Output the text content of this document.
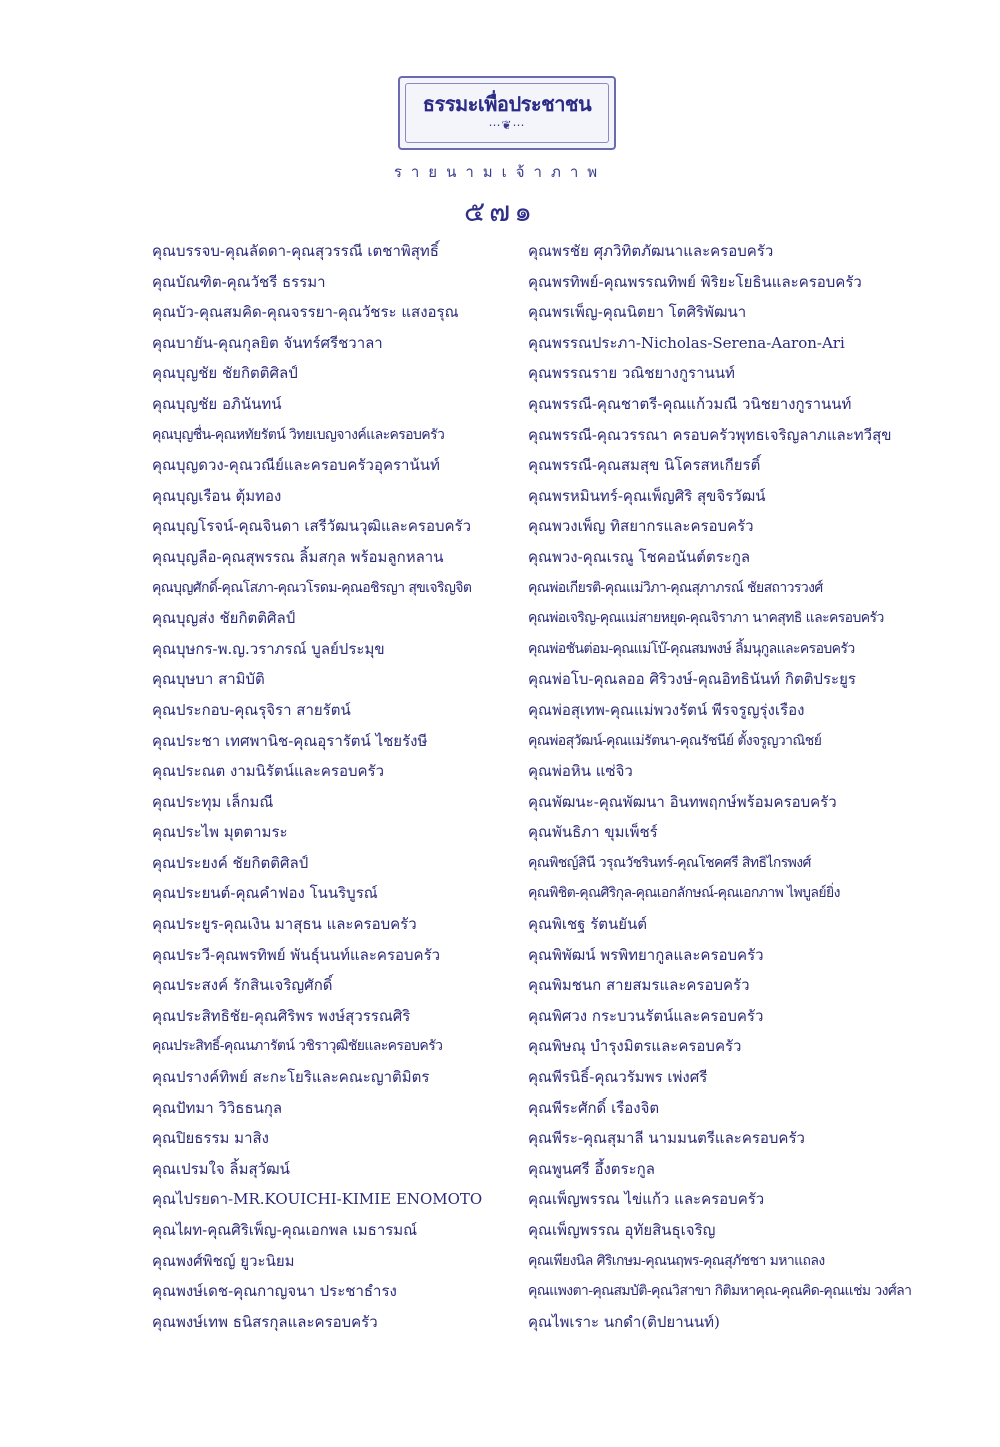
ธรรมะเพื่อประชาชน
⋯❦⋯
รายนามเจ้าภาพ
๕๗๑
คุณบรรจบ-คุณลัดดา-คุณสุวรรณี เตชาพิสุทธิ์
คุณบัณฑิต-คุณวัชรี ธรรมา
คุณบัว-คุณสมคิด-คุณจรรยา-คุณวัชระ แสงอรุณ
คุณบายัน-คุณกุลยิต จันทร์ศรีชวาลา
คุณบุญชัย ชัยกิตติศิลป์
คุณบุญชัย อภินันทน์
คุณบุญชื่น-คุณหทัยรัตน์ วิทยเบญจางค์และครอบครัว
คุณบุญดวง-คุณวณีย์และครอบครัวอุคราน้นท์
คุณบุญเรือน ตุ้มทอง
คุณบุญโรจน์-คุณจินดา เสรีวัฒนวุฒิและครอบครัว
คุณบุญลือ-คุณสุพรรณ ลิ้มสกุล พร้อมลูกหลาน
คุณบุญศักดิ์-คุณโสภา-คุณวโรดม-คุณอชิรญา สุขเจริญจิต
คุณบุญส่ง ชัยกิตติศิลป์
คุณบุษกร-พ.ญ.วราภรณ์ บูลย์ประมุข
คุณบุษบา สามิบัติ
คุณประกอบ-คุณรุจิรา สายรัตน์
คุณประชา เทศพานิช-คุณอุรารัตน์ ไชยรังษี
คุณประณต งามนิรัตน์และครอบครัว
คุณประทุม เล็กมณี
คุณประไพ มุตตามระ
คุณประยงค์ ชัยกิตติศิลป์
คุณประยนต์-คุณคำฟอง โนนริบูรณ์
คุณประยูร-คุณเงิน มาสุธน และครอบครัว
คุณประวี-คุณพรทิพย์ พันธุ์นนท์และครอบครัว
คุณประสงค์ รักสินเจริญศักดิ์
คุณประสิทธิชัย-คุณศิริพร พงษ์สุวรรณศิริ
คุณประสิทธิ์-คุณนภารัตน์ วชิราวุฒิชัยและครอบครัว
คุณปรางค์ทิพย์ สะกะโยริและคณะญาติมิตร
คุณปัทมา วิวิธธนกุล
คุณปิยธรรม มาสิง
คุณเปรมใจ ลิ้มสุวัฒน์
คุณไปรยดา-MR.KOUICHI-KIMIE ENOMOTO
คุณไผท-คุณศิริเพ็ญ-คุณเอกพล เมธารมณ์
คุณพงศ์พิชญ์ ยูวะนิยม
คุณพงษ์เดช-คุณกาญจนา ประชาธำรง
คุณพงษ์เทพ ธนิสรกุลและครอบครัว
คุณพรชัย ศุภวิทิตภัฒนาและครอบครัว
คุณพรทิพย์-คุณพรรณทิพย์ พิริยะโยธินและครอบครัว
คุณพรเพ็ญ-คุณนิตยา โตศิริพัฒนา
คุณพรรณประภา-Nicholas-Serena-Aaron-Ari
คุณพรรณราย วณิชยางกูรานนท์
คุณพรรณี-คุณชาตรี-คุณแก้วมณี วนิชยางกูรานนท์
คุณพรรณี-คุณวรรณา ครอบครัวพุทธเจริญลาภและทวีสุข
คุณพรรณี-คุณสมสุข นิโครสหเกียรติ์
คุณพรหมินทร์-คุณเพ็ญศิริ สุขจิรวัฒน์
คุณพวงเพ็ญ ทิสยากรและครอบครัว
คุณพวง-คุณเรณู โชคอนันต์ตระกูล
คุณพ่อเกียรติ-คุณแม่วิภา-คุณสุภาภรณ์ ชัยสถาวรวงศ์
คุณพ่อเจริญ-คุณแม่สายหยุด-คุณจิราภา นาคสุทธิ และครอบครัว
คุณพ่อชันต่อม-คุณแม่โบ๊-คุณสมพงษ์ ลิ้มนุกูลและครอบครัว
คุณพ่อโบ-คุณลออ ศิริวงษ์-คุณอิทธินันท์ กิตติประยูร
คุณพ่อสุเทพ-คุณแม่พวงรัตน์ พีรจรูญรุ่งเรือง
คุณพ่อสุวัฒน์-คุณแม่รัตนา-คุณรัชนีย์ ตั้งจรูญวาณิชย์
คุณพ่อหิน แซ่จิว
คุณพัฒนะ-คุณพัฒนา อินทพฤกษ์พร้อมครอบครัว
คุณพันธิภา ขุมเพ็ชร์
คุณพิชญ์สินี วรุณวัชรินทร์-คุณโชคศรี สิทธิไกรพงศ์
คุณพิชิต-คุณศิริกุล-คุณเอกลักษณ์-คุณเอกภาพ ไพบูลย์ยิ่ง
คุณพิเชฐ รัตนยันต์
คุณพิพัฒน์ พรพิทยากูลและครอบครัว
คุณพิมชนก สายสมรและครอบครัว
คุณพิศวง กระบวนรัตน์และครอบครัว
คุณพิษณุ บำรุงมิตรและครอบครัว
คุณพีรนิธิ์-คุณวรัมพร เพ่งศรี
คุณพีระศักดิ์ เรืองจิต
คุณพีระ-คุณสุมาลี นามมนตรีและครอบครัว
คุณพูนศรี อึ้งตระกูล
คุณเพ็ญพรรณ ไข่แก้ว และครอบครัว
คุณเพ็ญพรรณ อุทัยสินธุเจริญ
คุณเพียงนิล ศิริเกษม-คุณนฤพร-คุณสุภัชชา มหาแถลง
คุณแพงตา-คุณสมบัติ-คุณวิสาขา กิติมหาคุณ-คุณคิด-คุณแช่ม วงศ์ลา
คุณไพเราะ นกดำ(ติปยานนท์)
